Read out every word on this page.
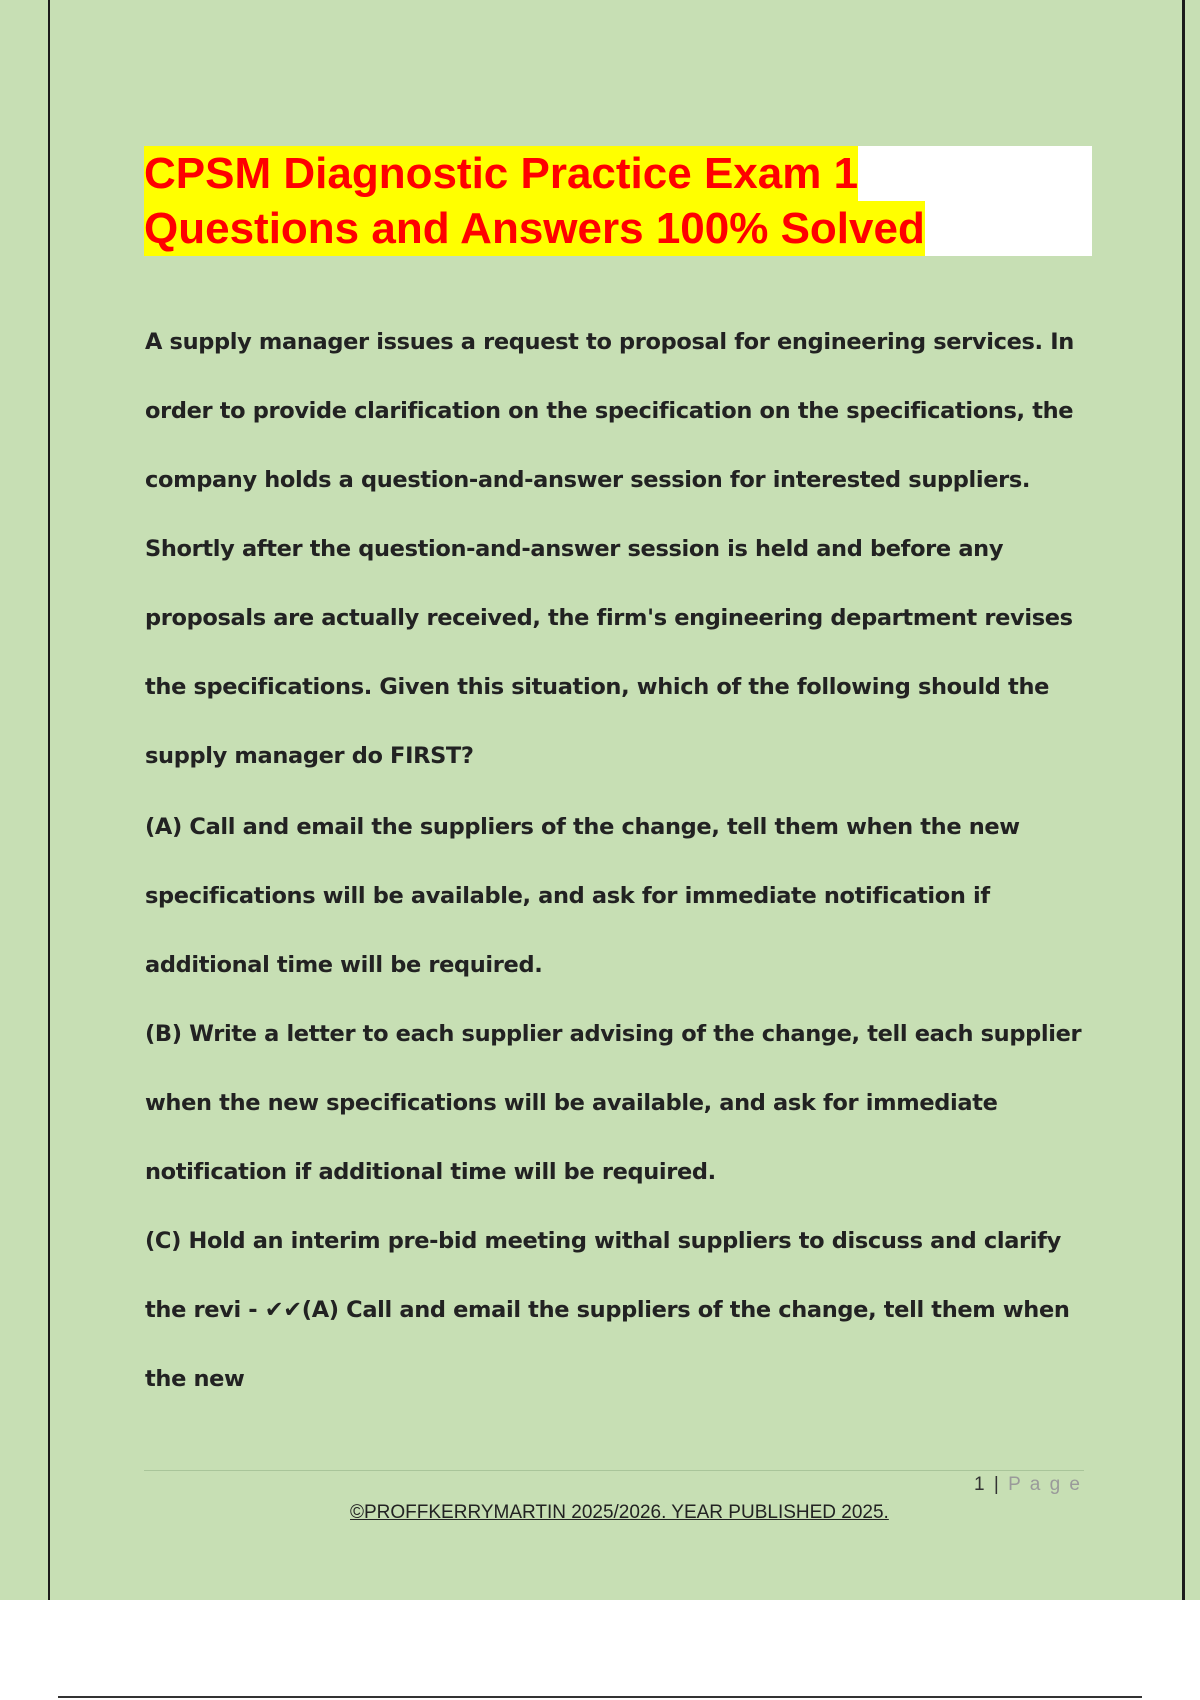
CPSM Diagnostic Practice Exam 1
Questions and Answers 100% Solved

A supply manager issues a request to proposal for engineering services. In order to provide clarification on the specification on the specifications, the company holds a question-and-answer session for interested suppliers. Shortly after the question-and-answer session is held and before any proposals are actually received, the firm's engineering department revises the specifications. Given this situation, which of the following should the supply manager do FIRST?

(A) Call and email the suppliers of the change, tell them when the new specifications will be available, and ask for immediate notification if additional time will be required.

(B) Write a letter to each supplier advising of the change, tell each supplier when the new specifications will be available, and ask for immediate notification if additional time will be required.

(C) Hold an interim pre-bid meeting withal suppliers to discuss and clarify the revi - ✔✔(A) Call and email the suppliers of the change, tell them when the new

1 | P a g e
©PROFFKERRYMARTIN 2025/2026. YEAR PUBLISHED 2025.
